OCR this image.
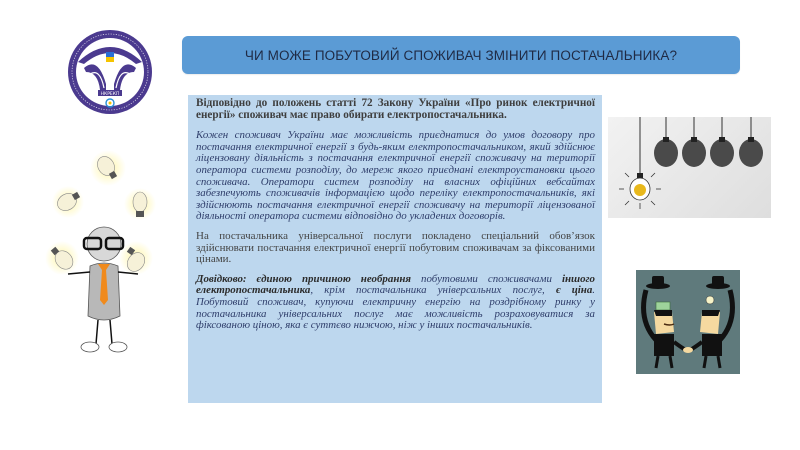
НКРЕКП
ЧИ МОЖЕ ПОБУТОВИЙ СПОЖИВАЧ ЗМІНИТИ ПОСТАЧАЛЬНИКА?

Відповідно до положень статті 72 Закону України «Про ринок електричної енергії» споживач має право обирати електропостачальника.

Кожен споживач України має можливість приєднатися до умов договору про постачання електричної енергії з будь-яким електропостачальником, який здійснює ліцензовану діяльність з постачання електричної енергії споживачу на території оператора системи розподілу, до мереж якого приєднані електроустановки цього споживача. Оператори систем розподілу на власних офіційних вебсайтах забезпечують споживачів інформацією щодо переліку електропостачальників, які здійснюють постачання електричної енергії споживачу на території ліцензованої діяльності оператора системи відповідно до укладених договорів.

На постачальника універсальної послуги покладено спеціальний обов’язок здійснювати постачання електричної енергії побутовим споживачам за фіксованими цінами.

Довідково: єдиною причиною необрання побутовими споживачами іншого електропостачальника, крім постачальника універсальних послуг, є ціна. Побутовий споживач, купуючи електричну енергію на роздрібному ринку у постачальника універсальних послуг має можливість розраховуватися за фіксованою ціною, яка є суттєво нижчою, ніж у інших постачальників.
